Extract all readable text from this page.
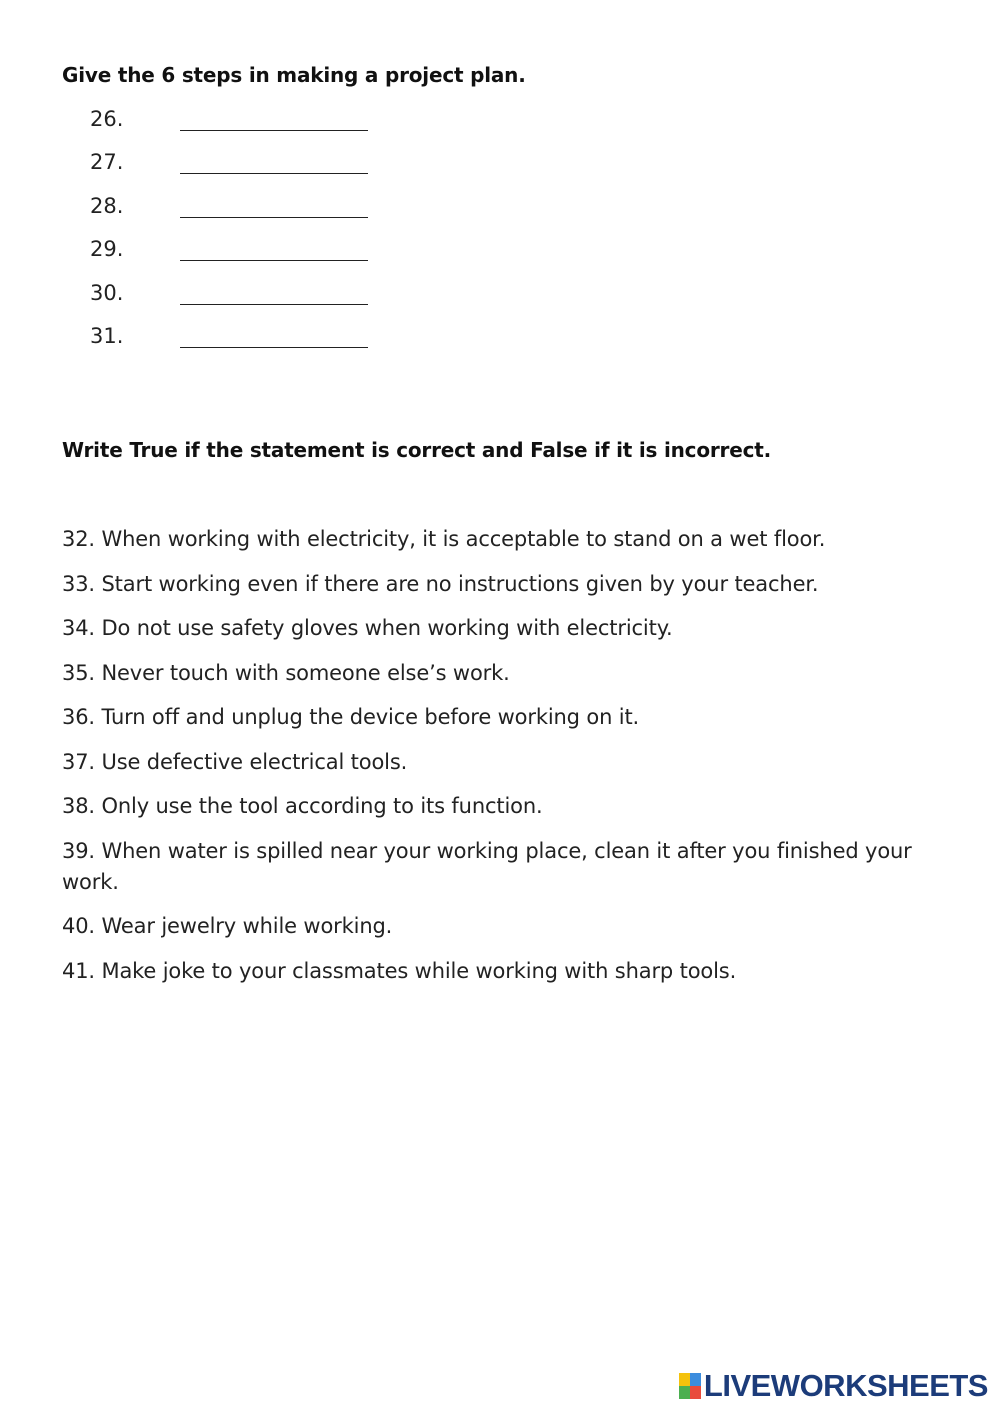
Give the 6 steps in making a project plan.
26.
27.
28.
29.
30.
31.
Write True if the statement is correct and False if it is incorrect.
32. When working with electricity, it is acceptable to stand on a wet floor.
33. Start working even if there are no instructions given by your teacher.
34. Do not use safety gloves when working with electricity.
35. Never touch with someone else’s work.
36. Turn off and unplug the device before working on it.
37. Use defective electrical tools.
38. Only use the tool according to its function.
39. When water is spilled near your working place, clean it after you finished your work.
40. Wear jewelry while working.
41. Make joke to your classmates while working with sharp tools.
LIVEWORKSHEETS
